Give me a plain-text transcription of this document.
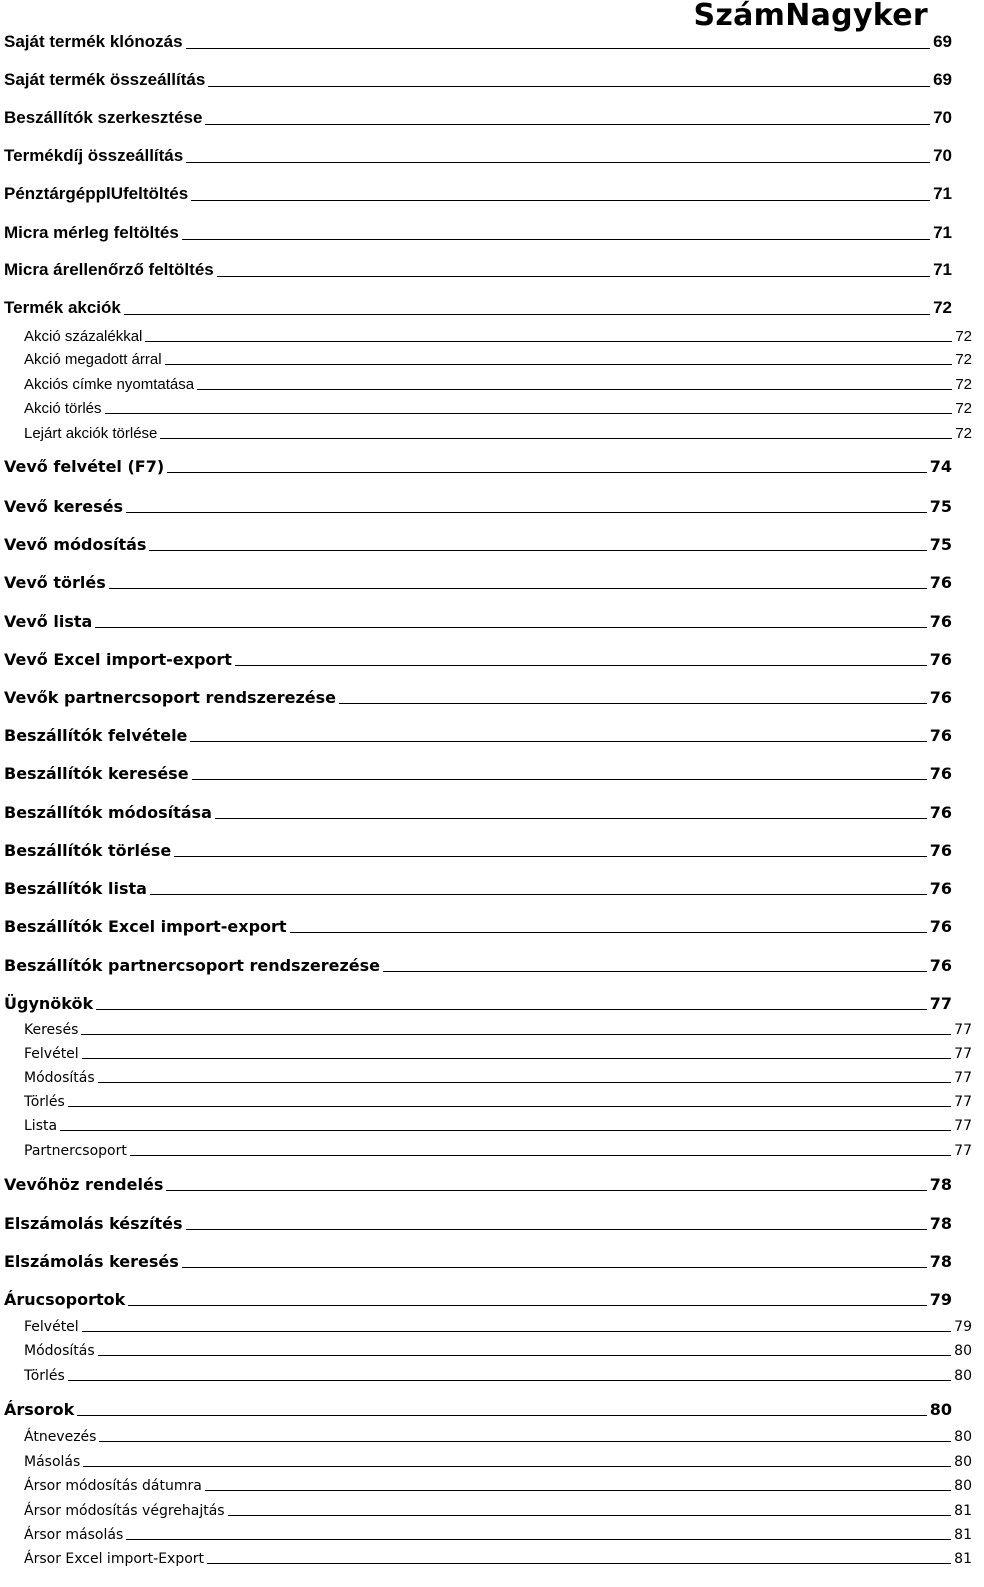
SzámNagyker
Saját termék klónozás	69
Saját termék összeállítás	69
Beszállítók szerkesztése	70
Termékdíj összeállítás	70
PénztárgépplUfeltöltés	71
Micra mérleg feltöltés	71
Micra árellenőrző feltöltés	71
Termék akciók	72
Akció százalékkal	72
Akció megadott árral	72
Akciós címke nyomtatása	72
Akció törlés	72
Lejárt akciók törlése	72
Vevő felvétel (F7)	74
Vevő keresés	75
Vevő módosítás	75
Vevő törlés	76
Vevő lista	76
Vevő Excel import-export	76
Vevők partnercsoport rendszerezése	76
Beszállítók felvétele	76
Beszállítók keresése	76
Beszállítók módosítása	76
Beszállítók törlése	76
Beszállítók lista	76
Beszállítók Excel import-export	76
Beszállítók partnercsoport rendszerezése	76
Ügynökök	77
Keresés	77
Felvétel	77
Módosítás	77
Törlés	77
Lista	77
Partnercsoport	77
Vevőhöz rendelés	78
Elszámolás készítés	78
Elszámolás keresés	78
Árucsoportok	79
Felvétel	79
Módosítás	80
Törlés	80
Ársorok	80
Átnevezés	80
Másolás	80
Ársor módosítás dátumra	80
Ársor módosítás végrehajtás	81
Ársor másolás	81
Ársor Excel import-Export	81
